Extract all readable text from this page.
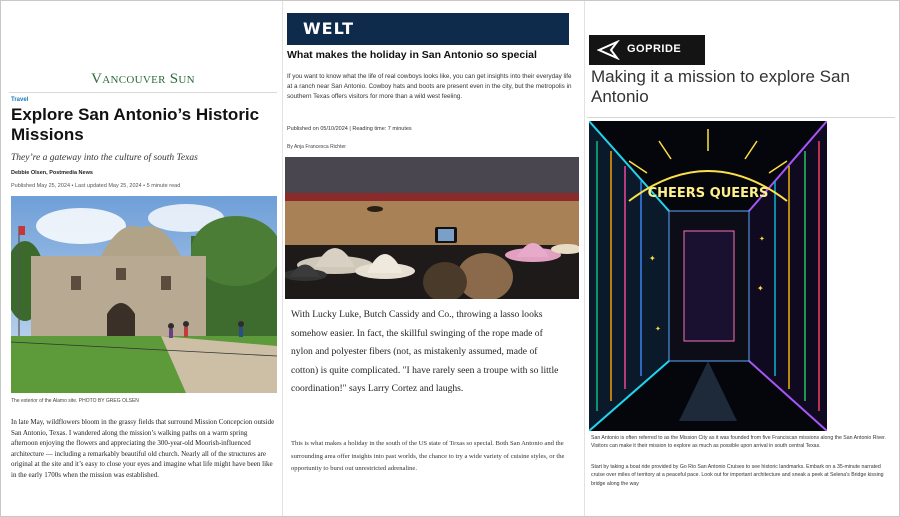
Vancouver Sun
Travel
Explore San Antonio’s Historic Missions
They’re a gateway into the culture of south Texas
Debbie Olsen, Postmedia News
Published May 25, 2024 • Last updated May 25, 2024 • 5 minute read
The exterior of the Alamo site. PHOTO BY GREG OLSEN
In late May, wildflowers bloom in the grassy fields that surround Mission Concepcion outside San Antonio, Texas. I wandered along the mission’s walking paths on a warm spring afternoon enjoying the flowers and appreciating the 300-year-old Moorish-influenced architecture — including a remarkably beautiful old church. Nearly all of the structures are original at the site and it’s easy to close your eyes and imagine what life might have been like in the early 1700s when the mission was established.
WELT
What makes the holiday in San Antonio so special
If you want to know what the life of real cowboys looks like, you can get insights into their everyday life at a ranch near San Antonio. Cowboy hats and boots are present even in the city, but the metropolis in southern Texas offers visitors for more than a wild west feeling.
Published on 05/10/2024 | Reading time: 7 minutes
By Anja Francesca Richter
With Lucky Luke, Butch Cassidy and Co., throwing a lasso looks somehow easier. In fact, the skillful swinging of the rope made of nylon and polyester fibers (not, as mistakenly assumed, made of cotton) is quite complicated. "I have rarely seen a troupe with so little coordination!" says Larry Cortez and laughs.
This is what makes a holiday in the south of the US state of Texas so special. Both San Antonio and the surrounding area offer insights into past worlds, the chance to try a wide variety of cuisine styles, or the opportunity to burst out unrestricted adrenaline.
GOPRIDE
Making it a mission to explore San Antonio
✦
✦
✦
✦
CHEERS QUEERS
San Antonio is often referred to as the Mission City as it was founded from five Franciscan missions along the San Antonio River. Visitors can make it their mission to explore as much as possible upon arrival in south central Texas.
Start by taking a boat ride provided by Go Rio San Antonio Cruises to see historic landmarks. Embark on a 35-minute narrated cruise over miles of territory at a peaceful pace. Look out for important architecture and sneak a peek at Selena's Bridge kissing bridge along the way
